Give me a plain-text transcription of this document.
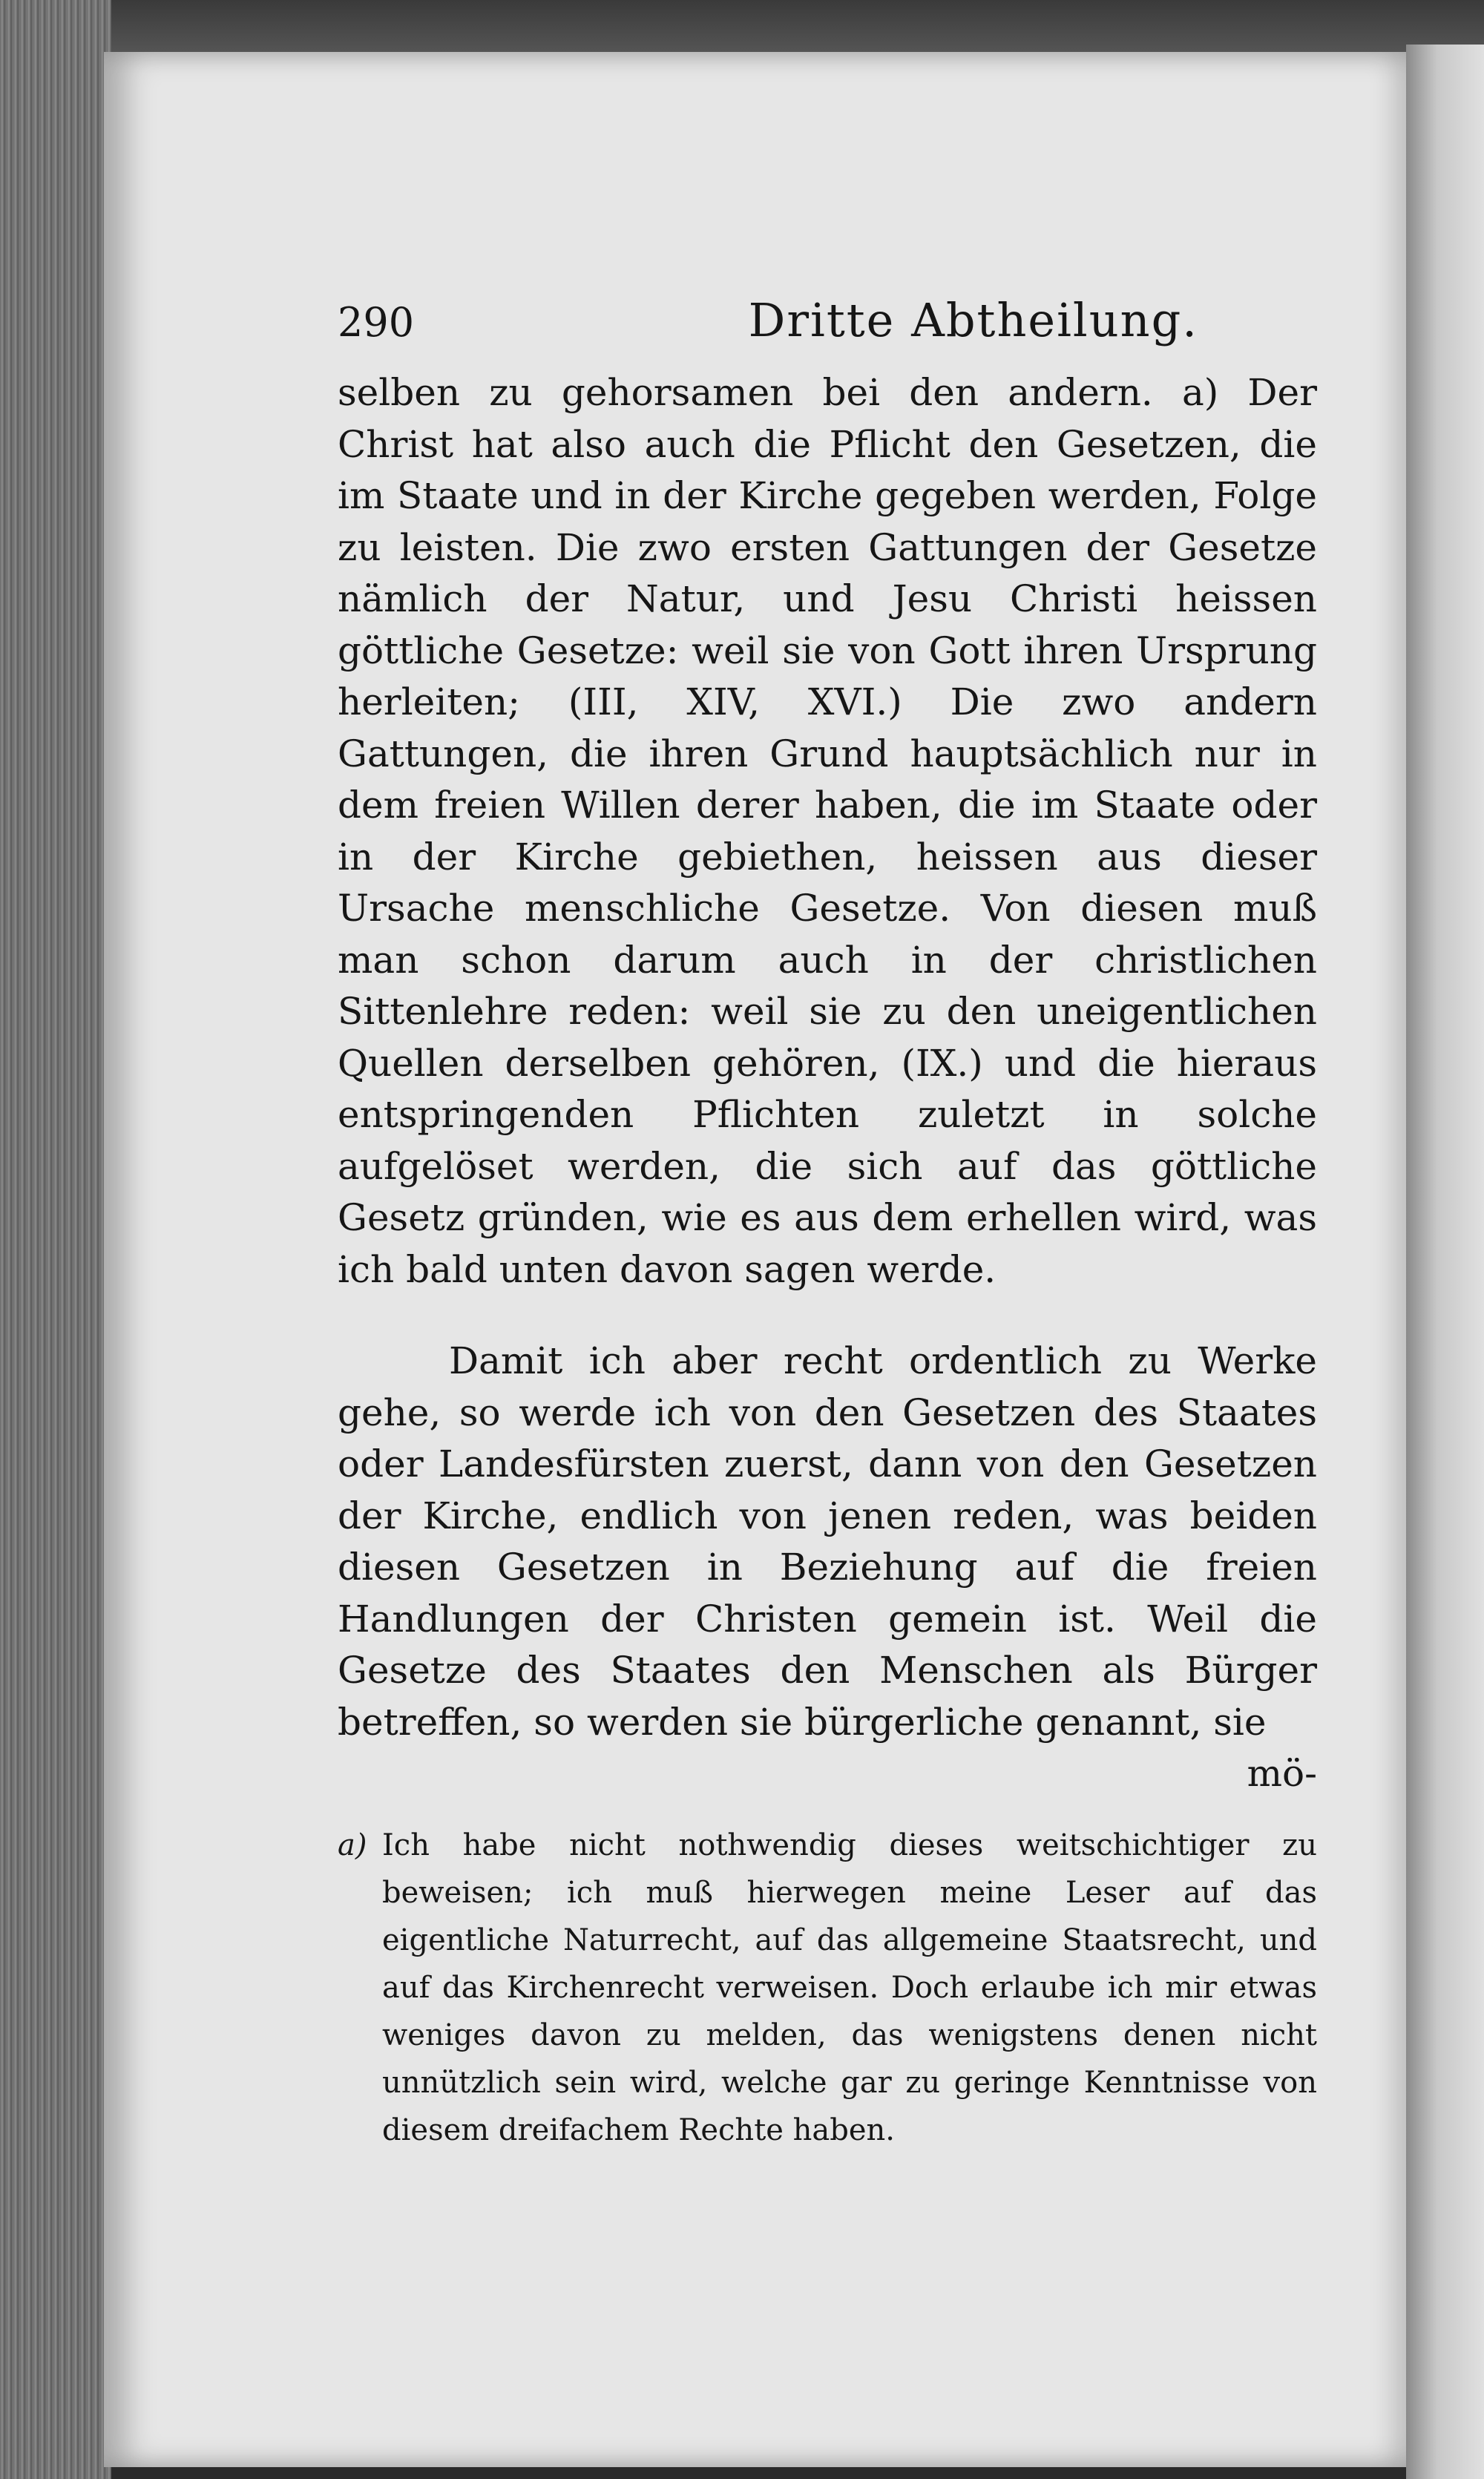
290	Dritte Abtheilung.

selben zu gehorsamen bei den andern. a) Der Christ hat also auch die Pflicht den Gesetzen, die im Staate und in der Kirche gegeben werden, Folge zu leisten. Die zwo ersten Gattungen der Gesetze nämlich der Natur, und Jesu Christi heissen göttliche Gesetze: weil sie von Gott ihren Ursprung herleiten; (III, XIV, XVI.) Die zwo andern Gattungen, die ihren Grund hauptsächlich nur in dem freien Willen derer haben, die im Staate oder in der Kirche gebiethen, heissen aus dieser Ursache menschliche Gesetze. Von diesen muß man schon darum auch in der christlichen Sittenlehre reden: weil sie zu den uneigentlichen Quellen derselben gehören, (IX.) und die hieraus entspringenden Pflichten zuletzt in solche aufgelöset werden, die sich auf das göttliche Gesetz gründen, wie es aus dem erhellen wird, was ich bald unten davon sagen werde.

Damit ich aber recht ordentlich zu Werke gehe, so werde ich von den Gesetzen des Staates oder Landesfürsten zuerst, dann von den Gesetzen der Kirche, endlich von jenen reden, was beiden diesen Gesetzen in Beziehung auf die freien Handlungen der Christen gemein ist. Weil die Gesetze des Staates den Menschen als Bürger betreffen, so werden sie bürgerliche genannt, sie

mö-
a) Ich habe nicht nothwendig dieses weitschichtiger zu beweisen; ich muß hierwegen meine Leser auf das eigentliche Naturrecht, auf das allgemeine Staatsrecht, und auf das Kirchenrecht verweisen. Doch erlaube ich mir etwas weniges davon zu melden, das wenigstens denen nicht unnützlich sein wird, welche gar zu geringe Kenntnisse von diesem dreifachem Rechte haben.
